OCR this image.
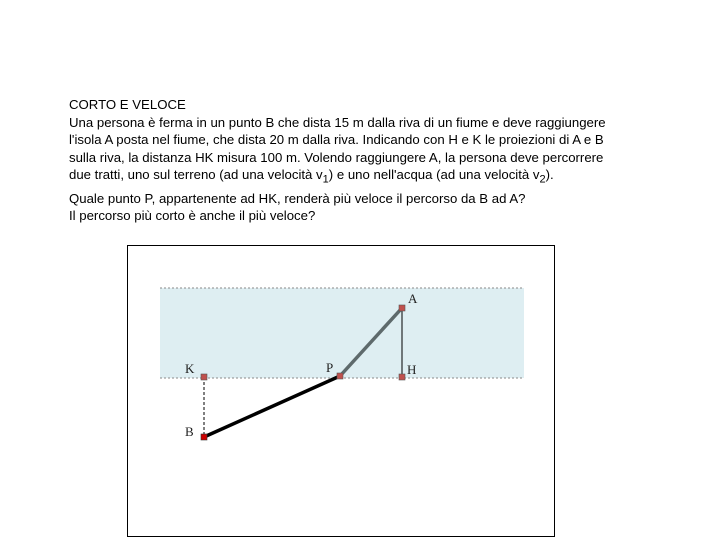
CORTO E VELOCE

Una persona è ferma in un punto B che dista 15 m dalla riva di un fiume e deve raggiungere

l'isola A posta nel fiume, che dista 20 m dalla riva. Indicando con H e K le proiezioni di A e B

sulla riva, la distanza HK misura 100 m. Volendo raggiungere A, la persona deve percorrere

due tratti, uno sul terreno (ad una velocità $v_1$) e uno nell'acqua (ad una velocità $v_2$).

Quale punto P, appartenente ad HK, renderà più veloce il percorso da B ad A?

Il percorso più corto è anche il più veloce?

A
K	P	H
B
